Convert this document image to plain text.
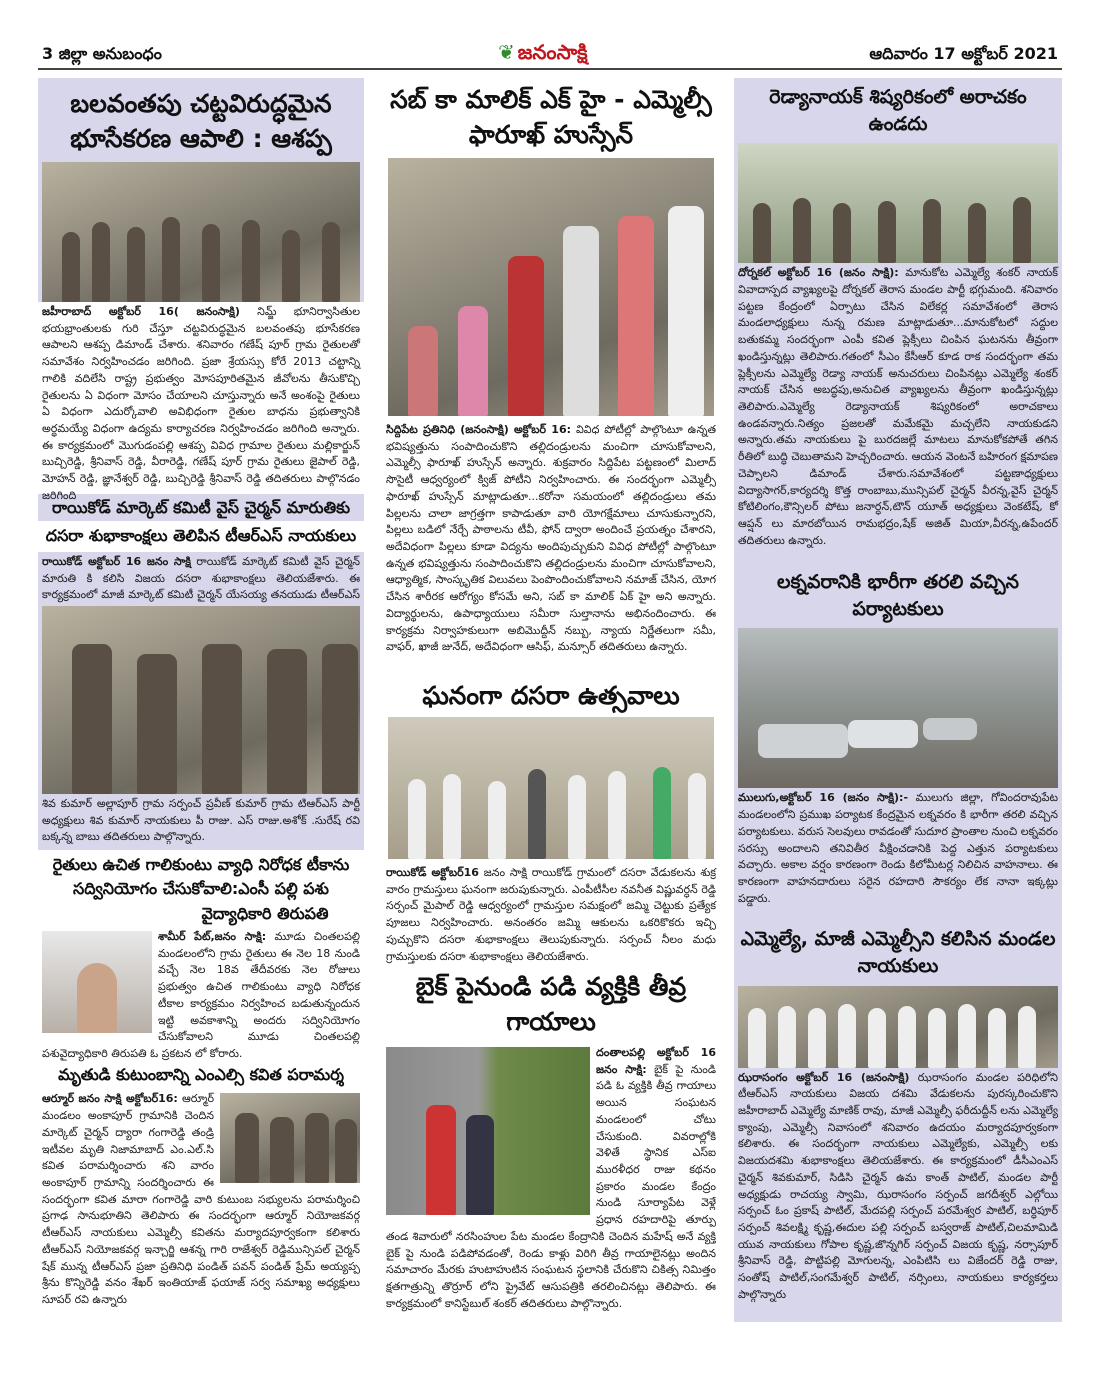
3 జిల్లా అనుబంధం	❦ జనంసాక్షి	ఆదివారం 17 అక్టోబర్ 2021
బలవంతపు చట్టవిరుద్ధమైన భూసేకరణ ఆపాలి : ఆశప్ప
జహీరాబాద్ అక్టోబర్ 16( జనంసాక్షి) నిమ్జ్ భూనిర్వాసితుల భయభ్రాంతులకు గురి చేస్తూ చట్టవిరుద్ధమైన బలవంతపు భూసేకరణ ఆపాలని ఆశప్ప డిమాండ్ చేశారు. శనివారం గణేష్ పూర్ గ్రామ రైతులతో సమావేశం నిర్వహించడం జరిగింది. ప్రజా శ్రేయస్సు కోరే 2013 చట్టాన్ని గాలికి వదిలేసి రాష్ట్ర ప్రభుత్వం మోసపూరితమైన జీవోలను తీసుకొచ్చి రైతులను ఏ విధంగా మోసం చేయాలని చూస్తున్నారు అనే అంశంపై రైతులు ఏ విధంగా ఎదుర్కోవాలి అవిభిధంగా రైతుల బాధను ప్రభుత్వానికి అర్థమయ్యే విధంగా ఉద్యమ కార్యాచరణ నిర్వహించడం జరిగింది అన్నారు. ఈ కార్యక్రమంలో మొగుడంపల్లి ఆశప్ప వివిధ గ్రామాల రైతులు మల్లికార్జున్ బుచ్చిరెడ్డి, శ్రీనివాస్ రెడ్డి, వీరారెడ్డి, గణేష్ పూర్ గ్రామ రైతులు జైపాల్ రెడ్డి, మోహన్ రెడ్డి, జ్ఞానేశ్వర్ రెడ్డి, బుచ్చిరెడ్డి శ్రీనివాస్ రెడ్డి తదితరులు పాల్గొనడం జరిగింది
రాయికోడ్ మార్కెట్ కమిటీ వైస్ చైర్మన్ మారుతికు
దసరా శుభాకాంక్షలు తెలిపిన టీఆర్ఎస్ నాయకులు
రాయికోడ్ అక్టోబర్ 16 జనం సాక్షి రాయికోడ్ మార్కెట్ కమిటీ వైస్ చైర్మన్ మారుతి కి కలిసి విజయ దసరా శుభాకాంక్షలు తెలియజేశారు. ఈ కార్యక్రమంలో మాజీ మార్కెట్ కమిటీ చైర్మన్ యేసయ్య తనయుడు టీఆర్ఎస్
శివ కుమార్ అల్లాపూర్ గ్రామ సర్పంచ్ ప్రవీణ్ కుమార్ గ్రామ టిఆర్ఎస్ పార్టీ అధ్యక్షులు శివ కుమార్ నాయకులు పీ రాజు. ఎస్ రాజు.అశోక్ .సురేష్ రవి బక్కన్న బాబు తదితరులు పాల్గొన్నారు.
రైతులు ఉచిత గాలికుంటు వ్యాధి నిరోధక టీకాను
సద్వినియోగం చేసుకోవాలి:ఎంసీ పల్లి పశు
వైద్యాధికారి తిరుపతి
శామీర్ పేట్,జనం సాక్షి: మూడు చింతలపల్లి మండలంలోని గ్రామ రైతులు ఈ నెల 18 నుండి వచ్చే నెల 18వ తేదీవరకు నెల రోజులు ప్రభుత్వం ఉచిత గాలికుంటు వ్యాధి నిరోధక టీకాల కార్యక్రమం నిర్వహించ బడుతున్నందున ఇట్టి అవకాశాన్ని అందరు సద్వినియోగం చేసుకోవాలని మూడు చింతలపల్లి పశువైద్యాధికారి తిరుపతి ఓ ప్రకటన లో కోరారు.
మృతుడి కుటుంబాన్ని ఎంఎల్సి కవిత పరామర్శ
ఆర్మూర్ జనం సాక్షి అక్టోబర్16: ఆర్మూర్ మండలం అంకాపూర్ గ్రామానికి చెందిన మార్కెట్ చైర్మన్ ద్యారా గంగారెడ్డి తండ్రి ఇటీవల మృతి నిజామాబాద్ ఎం.ఎల్.సి కవిత పరామర్శించారు శని వారం అంకాపూర్ గ్రామాన్ని సందర్శించారు ఈ సందర్భంగా కవిత మారా గంగారెడ్డి వారి కుటుంబ సభ్యులను పరామర్శించి ప్రగాఢ సానుభూతిని తెలిపారు ఈ సందర్భంగా ఆర్మూర్ నియోజకవర్గ టీఆర్ఎస్ నాయకులు ఎమ్మెల్సీ కవితను మర్యాదపూర్వకంగా కలిశారు టీఆర్ఎస్ నియోజకవర్గ ఇన్చార్జి ఆశన్న గారి రాజేశ్వర్ రెడ్డిమున్సిపల్ చైర్మన్ షేక్ మున్న టీఆర్ఎస్ ప్రజా ప్రతినిధి పండిత్ పవన్ పండిత్ ప్రేమ్ అయ్యప్ప శ్రీను కొన్నిరెడ్డి వనం శేఖర్ ఇంతియాజ్ ఫయాజ్ సర్వ సమాఖ్య అధ్యక్షులు సూపర్ రవి ఉన్నారు
సబ్ కా మాలిక్ ఎక్ హై - ఎమ్మెల్సీ ఫారూఖ్ హుస్సేన్
సిద్దిపేట ప్రతినిధి (జనంసాక్షి) అక్టోబర్ 16: వివిధ పోటీల్లో పాల్గొంటూ ఉన్నత భవిష్యత్తును సంపాదించుకొని తల్లిదండ్రులను మంచిగా చూసుకోవాలని, ఎమ్మెల్సీ ఫారూఖ్ హుస్సేన్ అన్నారు. శుక్రవారం సిద్దిపేట పట్టణంలో మిలాద్ సొసైటీ ఆధ్వర్యంలో క్విజ్ పోటీని నిర్వహించారు. ఈ సందర్భంగా ఎమ్మెల్సీ ఫారూఖ్ హుస్సేన్ మాట్లాడుతూ...కరోనా సమయంలో తల్లిదండ్రులు తమ పిల్లలను చాలా జాగ్రత్తగా కాపాడుతూ వారి యోగక్షేమాలు చూసుకున్నారని, పిల్లలు బడిలో నేర్చే పాఠాలను టీవీ, ఫోన్ ద్వారా అందించే ప్రయత్నం చేశారని, అదేవిధంగా పిల్లలు కూడా విద్యను అందిపుచ్చుకుని వివిధ పోటీల్లో పాల్గొంటూ ఉన్నత భవిష్యత్తును సంపాదించుకొని తల్లిదండ్రులను మంచిగా చూసుకోవాలని, ఆధ్యాత్మిక, సాంస్కృతిక విలువలు పెంపొందించుకోవాలని నమాజ్ చేసిన, యోగ చేసిన శారీరక ఆరోగ్యం కోసమే అని, సబ్ కా మాలిక్ ఏక్ హై అని అన్నారు. విద్యార్థులను, ఉపాధ్యాయులు సమీరా సుల్తానాను అభినందించారు. ఈ కార్యక్రమ నిర్వాహకులుగా అబిమొద్దీన్ నబ్బు, న్యాయ నిర్ణేతలుగా సమీ, వాఫర్, ఖాజీ జునేద్, అదేవిధంగా ఆసిఫ్, మన్సూర్ తదితరులు ఉన్నారు.
ఘనంగా దసరా ఉత్సవాలు
రాయికోడ్ అక్టోబర్16 జనం సాక్షి రాయికోడ్ గ్రామంలో దసరా వేడుకలను శుక్ర వారం గ్రామస్తులు ఘనంగా జరుపుకున్నారు. ఎంపీటీసీల నవనీత విష్ణువర్ధన్ రెడ్డి సర్పంచ్ మైపాల్ రెడ్డి ఆధ్వర్యంలో గ్రామస్తుల సమక్షంలో జమ్మి చెట్టుకు ప్రత్యేక పూజలు నిర్వహించారు. అనంతరం జమ్మి ఆకులను ఒకరికొకరు ఇచ్చి పుచ్చుకొని దసరా శుభాకాంక్షలు తెలుపుకున్నారు. సర్పంచ్ నీలం మధు గ్రామస్తులకు దసరా శుభాకాంక్షలు తెలియజేశారు.
బైక్ పైనుండి పడి వ్యక్తికి తీవ్ర
గాయాలు
దంతాలపల్లి అక్టోబర్ 16 జనం సాక్షి: బైక్ పై నుండి పడి ఓ వ్యక్తికి తీవ్ర గాయాలు అయిన సంఘటన మండలంలో చోటు చేసుకుంది. వివరాల్లోకి వెళితే స్థానిక ఎస్ఐ మురళీధర రాజు కథనం ప్రకారం మండల కేంద్రం నుండి సూర్యాపేట వెళ్లే ప్రధాన రహదారిపై తూర్పు తండ శివారులో నరసింహుల పేట మండల కేంద్రానికి చెందిన మహేష్ అనే వ్యక్తి బైక్ పై నుండి పడిపోవడంతో, రెండు కాళ్లు విరిగి తీవ్ర గాయాలైనట్లు అందిన సమాచారం మేరకు హుటాహుటిన సంఘటన స్థలానికి చేరుకొని చికిత్స నిమిత్తం క్షతగాత్రున్ని తొర్రూర్ లోని ప్రైవేట్ ఆసుపత్రికి తరలించినట్లు తెలిపారు. ఈ కార్యక్రమంలో కానిస్టేబుల్ శంకర్ తదితరులు పాల్గొన్నారు.
రెడ్యానాయక్ శిష్యరికంలో అరాచకం ఉండదు
దోర్నకల్ అక్టోబర్ 16 (జనం సాక్షి): మానుకోట ఎమ్మెల్యే శంకర్ నాయక్ వివాదాస్పద వ్యాఖ్యలపై దోర్నకల్ తెరాస మండల పార్టీ భగ్గుమంది. శనివారం పట్టణ కేంద్రంలో ఏర్పాటు చేసిన విలేకర్ల సమావేశంలో తెరాస మండలాధ్యక్షులు నున్న రమణ మాట్లాడుతూ...మానుకోటలో సద్దుల బతుకమ్మ సందర్భంగా ఎంపీ కవిత ప్లెక్సీలు చింపిన ఘటనను తీవ్రంగా ఖండిస్తున్నట్లు తెలిపారు.గతంలో సీఎం కేసీఆర్ కూడ రాక సందర్భంగా తమ ప్లెక్సీలను ఎమ్మెల్యే రెడ్యా నాయక్ అనుచరులు చింపినట్లు ఎమ్మెల్యే శంకర్ నాయక్ చేసిన అబద్ధపు,అనుచిత వ్యాఖ్యలను తీవ్రంగా ఖండిస్తున్నట్లు తెలిపారు.ఎమ్మెల్యే రెడ్యానాయక్ శిష్యరికంలో అరాచకాలు ఉండవన్నారు.నిత్యం ప్రజలతో మమేకమై మచ్చలేని నాయకుడని అన్నారు.తమ నాయకులు పై బురదజల్లే మాటలు మానుకోకపోతే తగిన రీతిలో బుద్ధి చెబుతామని హెచ్చరించారు. ఆయన వెంటనే బహిరంగ క్షమాపణ చెప్పాలని డిమాండ్ చేశారు.సమావేశంలో పట్టణాధ్యక్షులు విద్యాసాగర్,కార్యదర్శి కొత్త రాంబాబు,మున్సిపల్ చైర్మన్ వీరన్న,వైస్ చైర్మన్ కోటిలింగం,కౌన్సిలర్ పోటు జనార్ధన్,టౌన్ యూత్ అధ్యక్షులు వెంకటేష్, కో ఆప్షన్ లు మారబోయిన రామభద్రం,షేక్ అజిత్ మియా,వీరన్న,ఉపేందర్ తదితరులు ఉన్నారు.
లక్నవరానికి భారీగా తరలి వచ్చిన పర్యాటకులు
ములుగు,అక్టోబర్ 16 (జనం సాక్షి):- ములుగు జిల్లా, గోవిందరావుపేట మండలంలోని ప్రముఖ పర్యాటక కేంద్రమైన లక్నవరం కి భారీగా తరలి వచ్చిన పర్యాటకులు. వరుస సెలవులు రావడంతో సుదూర ప్రాంతాల నుంచి లక్నవరం సరస్సు అందాలని తనివితీర వీక్షించడానికి పెద్ద ఎత్తున పర్యాటకులు వచ్చారు. అకాల వర్షం కారణంగా రెండు కిలోమీటర్ల నిలిచిన వాహనాలు. ఈ కారణంగా వాహనదారులు సరైన రహదారి సౌకర్యం లేక నానా ఇక్కట్లు పడ్డారు.
ఎమ్మెల్యే, మాజీ ఎమ్మెల్సీని కలిసిన మండల నాయకులు
ఝరాసంగం అక్టోబర్ 16 (జనంసాక్షి) ఝరాసంగం మండల పరిధిలోని టీఆర్ఎస్ నాయకులు విజయ దశమి వేడుకలను పురస్కరించుకొని జహీరాబాద్ ఎమ్మెల్యే మాణిక్ రావు, మాజీ ఎమ్మెల్సీ ఫరీదుద్దీన్ లను ఎమ్మెల్యే క్యాంపు, ఎమ్మెల్సీ నివాసంలో శనివారం ఉదయం మర్యాదపూర్వకంగా కలిశారు. ఈ సందర్భంగా నాయకులు ఎమ్మెల్యేకు, ఎమ్మెల్సీ లకు విజయదశమి శుభాకాంక్షలు తెలియజేశారు. ఈ కార్యక్రమంలో డీసీఎంఎస్ చైర్మన్ శివకుమార్, సిడిసి చైర్మన్ ఉమ కాంత్ పాటిల్, మండల పార్టీ అధ్యక్షుడు రాచయ్య స్వామి, ఝరాసంగం సర్పంచ్ జగదీశ్వర్ ఎల్గోయి సర్పంచ్ ఓం ప్రకాష్ పాటిల్, మేదపల్లి సర్పంచ్ పరమేశ్వర పాటిల్, బర్ధిపూర్ సర్పంచ్ శివలక్ష్మి కృష్ణ,ఈదుల పల్లి సర్పంచ్ బస్వరాజ్ పాటిల్,చిలమామిడి యువ నాయకులు గోపాల కృష్ణ,జొన్నగిర్ సర్పంచ్ విజయ కృష్ణ, నర్సాపూర్ శ్రీనివాస్ రెడ్డి, పొట్టిపల్లి మోగులన్న, ఎంపిటిసి లు విజేందర్ రెడ్డి రాజు, సంతోష్ పాటిల్,సంగమేశ్వర్ పాటిల్, నర్సింలు, నాయకులు కార్యకర్తలు పాల్గొన్నారు
